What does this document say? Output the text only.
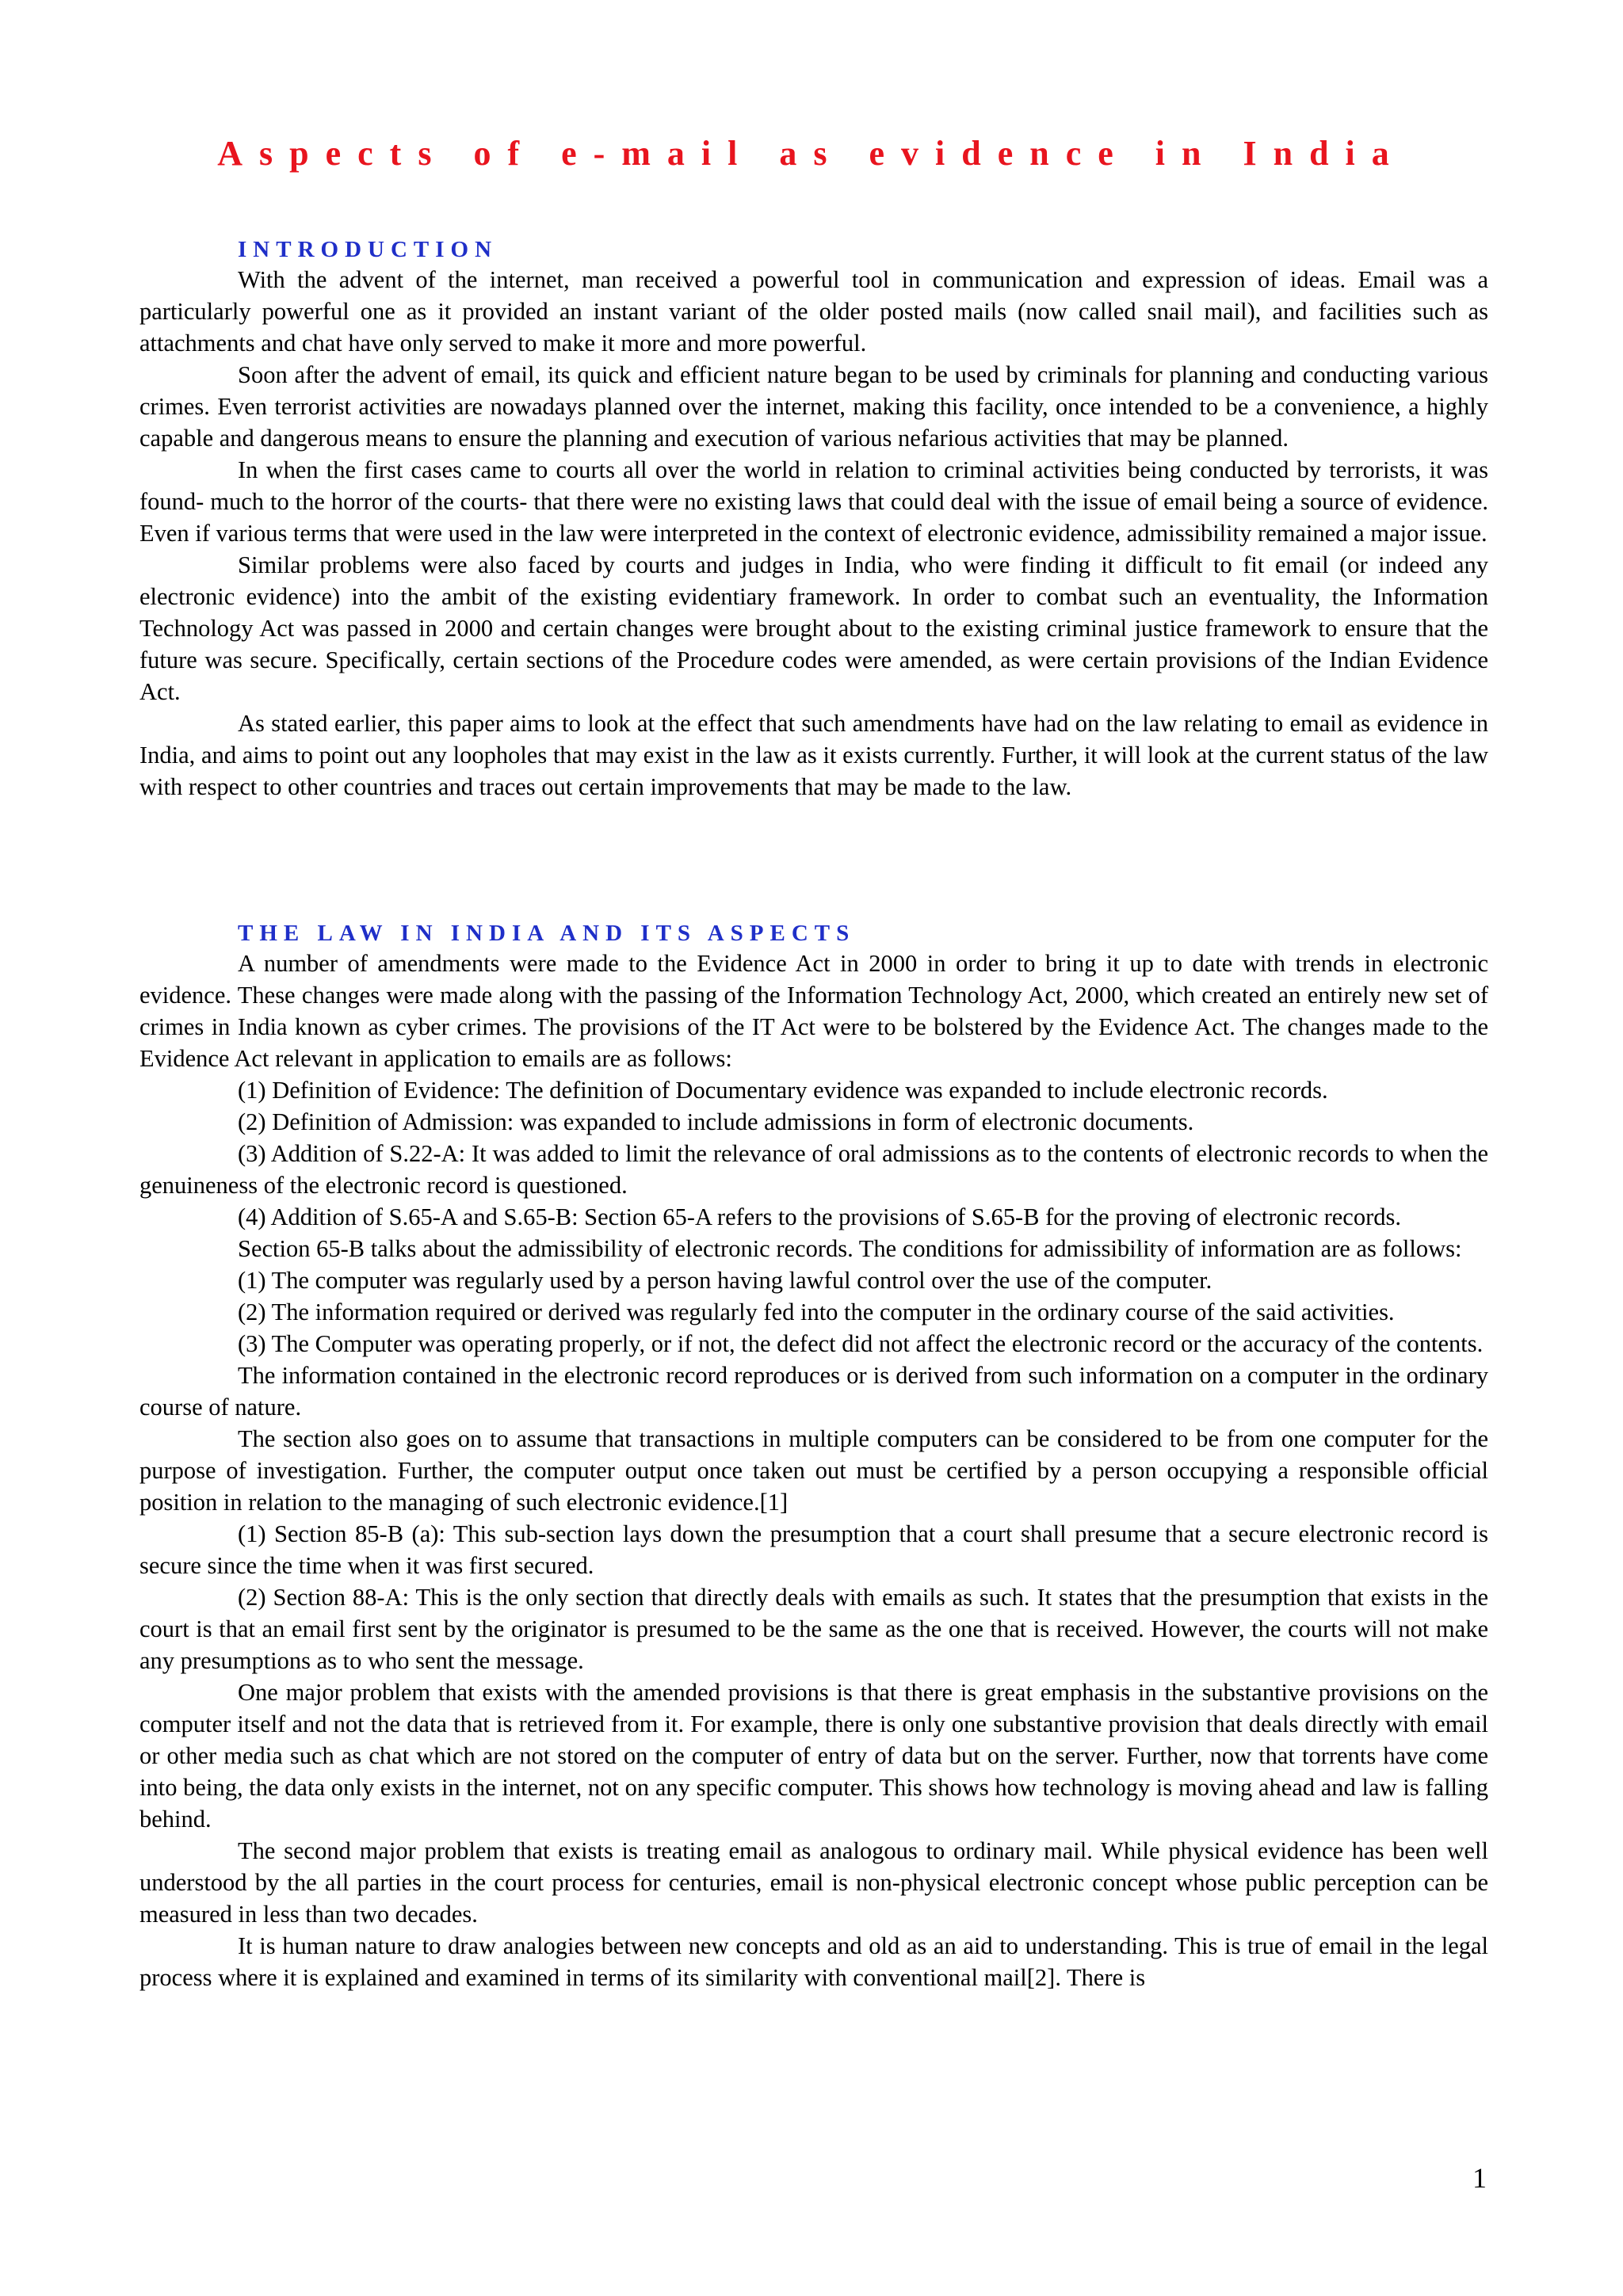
Aspects of e-mail as evidence in India
INTRODUCTION

With the advent of the internet, man received a powerful tool in communication and expression of ideas. Email was a particularly powerful one as it provided an instant variant of the older posted mails (now called snail mail), and facilities such as attachments and chat have only served to make it more and more powerful.

Soon after the advent of email, its quick and efficient nature began to be used by criminals for planning and conducting various crimes. Even terrorist activities are nowadays planned over the internet, making this facility, once intended to be a convenience, a highly capable and dangerous means to ensure the planning and execution of various nefarious activities that may be planned.

In when the first cases came to courts all over the world in relation to criminal activities being conducted by terrorists, it was found- much to the horror of the courts- that there were no existing laws that could deal with the issue of email being a source of evidence. Even if various terms that were used in the law were interpreted in the context of electronic evidence, admissibility remained a major issue.

Similar problems were also faced by courts and judges in India, who were finding it difficult to fit email (or indeed any electronic evidence) into the ambit of the existing evidentiary framework. In order to combat such an eventuality, the Information Technology Act was passed in 2000 and certain changes were brought about to the existing criminal justice framework to ensure that the future was secure. Specifically, certain sections of the Procedure codes were amended, as were certain provisions of the Indian Evidence Act.

As stated earlier, this paper aims to look at the effect that such amendments have had on the law relating to email as evidence in India, and aims to point out any loopholes that may exist in the law as it exists currently. Further, it will look at the current status of the law with respect to other countries and traces out certain improvements that may be made to the law.

THE LAW IN INDIA AND ITS ASPECTS

A number of amendments were made to the Evidence Act in 2000 in order to bring it up to date with trends in electronic evidence. These changes were made along with the passing of the Information Technology Act, 2000, which created an entirely new set of crimes in India known as cyber crimes. The provisions of the IT Act were to be bolstered by the Evidence Act. The changes made to the Evidence Act relevant in application to emails are as follows:

(1) Definition of Evidence: The definition of Documentary evidence was expanded to include electronic records.

(2) Definition of Admission: was expanded to include admissions in form of electronic documents.

(3) Addition of S.22-A: It was added to limit the relevance of oral admissions as to the contents of electronic records to when the genuineness of the electronic record is questioned.

(4) Addition of S.65-A and S.65-B: Section 65-A refers to the provisions of S.65-B for the proving of electronic records.

Section 65-B talks about the admissibility of electronic records. The conditions for admissibility of information are as follows:

(1) The computer was regularly used by a person having lawful control over the use of the computer.

(2) The information required or derived was regularly fed into the computer in the ordinary course of the said activities.

(3) The Computer was operating properly, or if not, the defect did not affect the electronic record or the accuracy of the contents.

The information contained in the electronic record reproduces or is derived from such information on a computer in the ordinary course of nature.

The section also goes on to assume that transactions in multiple computers can be considered to be from one computer for the purpose of investigation. Further, the computer output once taken out must be certified by a person occupying a responsible official position in relation to the managing of such electronic evidence.[1]

(1) Section 85-B (a): This sub-section lays down the presumption that a court shall presume that a secure electronic record is secure since the time when it was first secured.

(2) Section 88-A: This is the only section that directly deals with emails as such. It states that the presumption that exists in the court is that an email first sent by the originator is presumed to be the same as the one that is received. However, the courts will not make any presumptions as to who sent the message.

One major problem that exists with the amended provisions is that there is great emphasis in the substantive provisions on the computer itself and not the data that is retrieved from it. For example, there is only one substantive provision that deals directly with email or other media such as chat which are not stored on the computer of entry of data but on the server. Further, now that torrents have come into being, the data only exists in the internet, not on any specific computer. This shows how technology is moving ahead and law is falling behind.

The second major problem that exists is treating email as analogous to ordinary mail. While physical evidence has been well understood by the all parties in the court process for centuries, email is non-physical electronic concept whose public perception can be measured in less than two decades.

It is human nature to draw analogies between new concepts and old as an aid to understanding. This is true of email in the legal process where it is explained and examined in terms of its similarity with conventional mail[2]. There is

1
